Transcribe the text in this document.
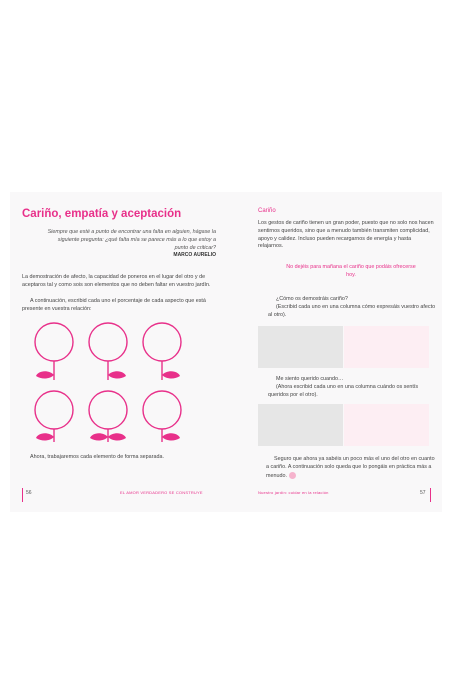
Cariño, empatía y aceptación
Siempre que esté a punto de encontrar una falta en alguien, hágase la siguiente pregunta: ¿qué falta mía se parece más a lo que estoy a punto de criticar?
MARCO AURELIO
La demostración de afecto, la capacidad de poneros en el lugar del otro y de aceptaros tal y como sois son elementos que no deben faltar en vuestro jardín.
A continuación, escribid cada uno el porcentaje de cada aspecto que está presente en vuestra relación:
Ahora, trabajaremos cada elemento de forma separada.
56	EL AMOR VERDADERO SE CONSTRUYE
Cariño
Los gestos de cariño tienen un gran poder, puesto que no solo nos hacen sentirnos queridos, sino que a menudo también transmiten complicidad, apoyo y calidez. Incluso pueden recargarnos de energía y hasta relajarnos.
No dejéis para mañana el cariño que podáis ofrecerse hoy.
¿Cómo os demostráis cariño?
(Escribid cada uno en una columna cómo expresáis vuestro afecto al otro).
Me siento querido cuando…
(Ahora escribid cada uno en una columna cuándo os sentís queridos por el otro).
Seguro que ahora ya sabéis un poco más el uno del otro en cuanto a cariño. A continuación solo queda que lo pongáis en práctica más a menudo.
Nuestro jardín: cuidar en la relación	57
